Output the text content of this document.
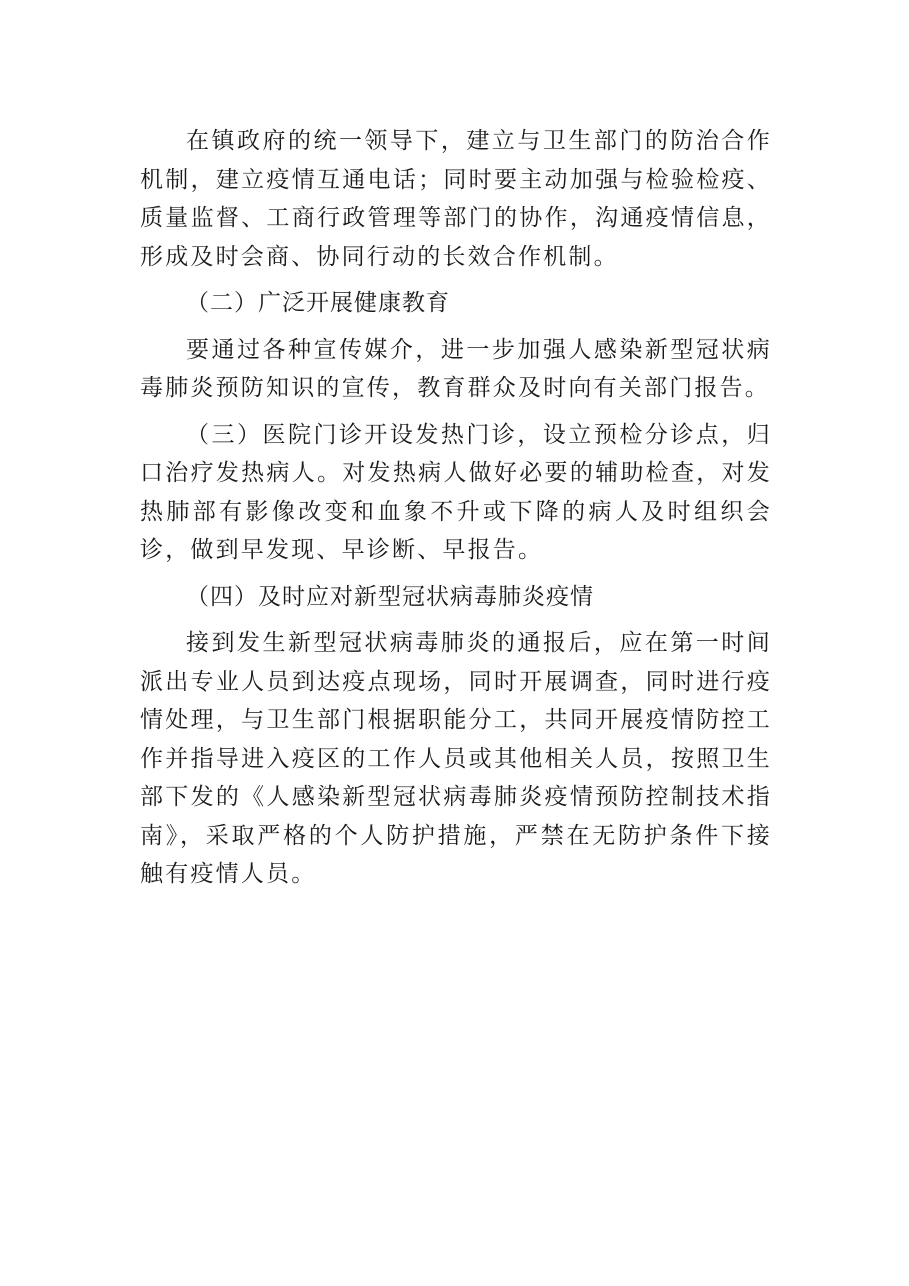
在镇政府的统一领导下，建立与卫生部门的防治合作机制，建立疫情互通电话；同时要主动加强与检验检疫、质量监督、工商行政管理等部门的协作，沟通疫情信息，形成及时会商、协同行动的长效合作机制。

（二）广泛开展健康教育

要通过各种宣传媒介，进一步加强人感染新型冠状病毒肺炎预防知识的宣传，教育群众及时向有关部门报告。

（三）医院门诊开设发热门诊，设立预检分诊点，归口治疗发热病人。对发热病人做好必要的辅助检查，对发热肺部有影像改变和血象不升或下降的病人及时组织会诊，做到早发现、早诊断、早报告。

（四）及时应对新型冠状病毒肺炎疫情

接到发生新型冠状病毒肺炎的通报后，应在第一时间派出专业人员到达疫点现场，同时开展调查，同时进行疫情处理，与卫生部门根据职能分工，共同开展疫情防控工作并指导进入疫区的工作人员或其他相关人员，按照卫生部下发的《人感染新型冠状病毒肺炎疫情预防控制技术指南》，采取严格的个人防护措施，严禁在无防护条件下接触有疫情人员。
